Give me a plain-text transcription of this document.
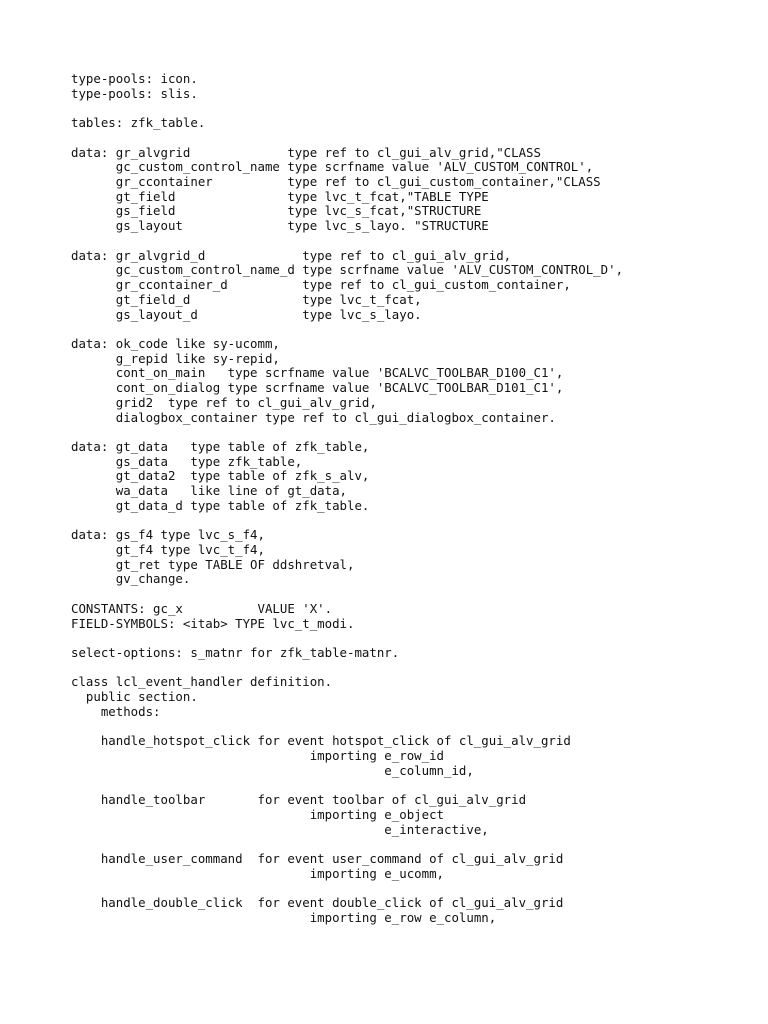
type-pools: icon.
type-pools: slis.
tables: zfk_table.
data: gr_alvgrid             type ref to cl_gui_alv_grid,"CLASS
gc_custom_control_name type scrfname value 'ALV_CUSTOM_CONTROL',
gr_ccontainer          type ref to cl_gui_custom_container,"CLASS
gt_field               type lvc_t_fcat,"TABLE TYPE
gs_field               type lvc_s_fcat,"STRUCTURE
gs_layout              type lvc_s_layo. "STRUCTURE
data: gr_alvgrid_d             type ref to cl_gui_alv_grid,
gc_custom_control_name_d type scrfname value 'ALV_CUSTOM_CONTROL_D',
gr_ccontainer_d          type ref to cl_gui_custom_container,
gt_field_d               type lvc_t_fcat,
gs_layout_d              type lvc_s_layo.
data: ok_code like sy-ucomm,
g_repid like sy-repid,
cont_on_main   type scrfname value 'BCALVC_TOOLBAR_D100_C1',
cont_on_dialog type scrfname value 'BCALVC_TOOLBAR_D101_C1',
grid2  type ref to cl_gui_alv_grid,
dialogbox_container type ref to cl_gui_dialogbox_container.
data: gt_data   type table of zfk_table,
gs_data   type zfk_table,
gt_data2  type table of zfk_s_alv,
wa_data   like line of gt_data,
gt_data_d type table of zfk_table.
data: gs_f4 type lvc_s_f4,
gt_f4 type lvc_t_f4,
gt_ret type TABLE OF ddshretval,
gv_change.
CONSTANTS: gc_x          VALUE 'X'.
FIELD-SYMBOLS: <itab> TYPE lvc_t_modi.
select-options: s_matnr for zfk_table-matnr.
class lcl_event_handler definition.
public section.
methods:
handle_hotspot_click for event hotspot_click of cl_gui_alv_grid
importing e_row_id
e_column_id,
handle_toolbar       for event toolbar of cl_gui_alv_grid
importing e_object
e_interactive,
handle_user_command  for event user_command of cl_gui_alv_grid
importing e_ucomm,
handle_double_click  for event double_click of cl_gui_alv_grid
importing e_row e_column,
